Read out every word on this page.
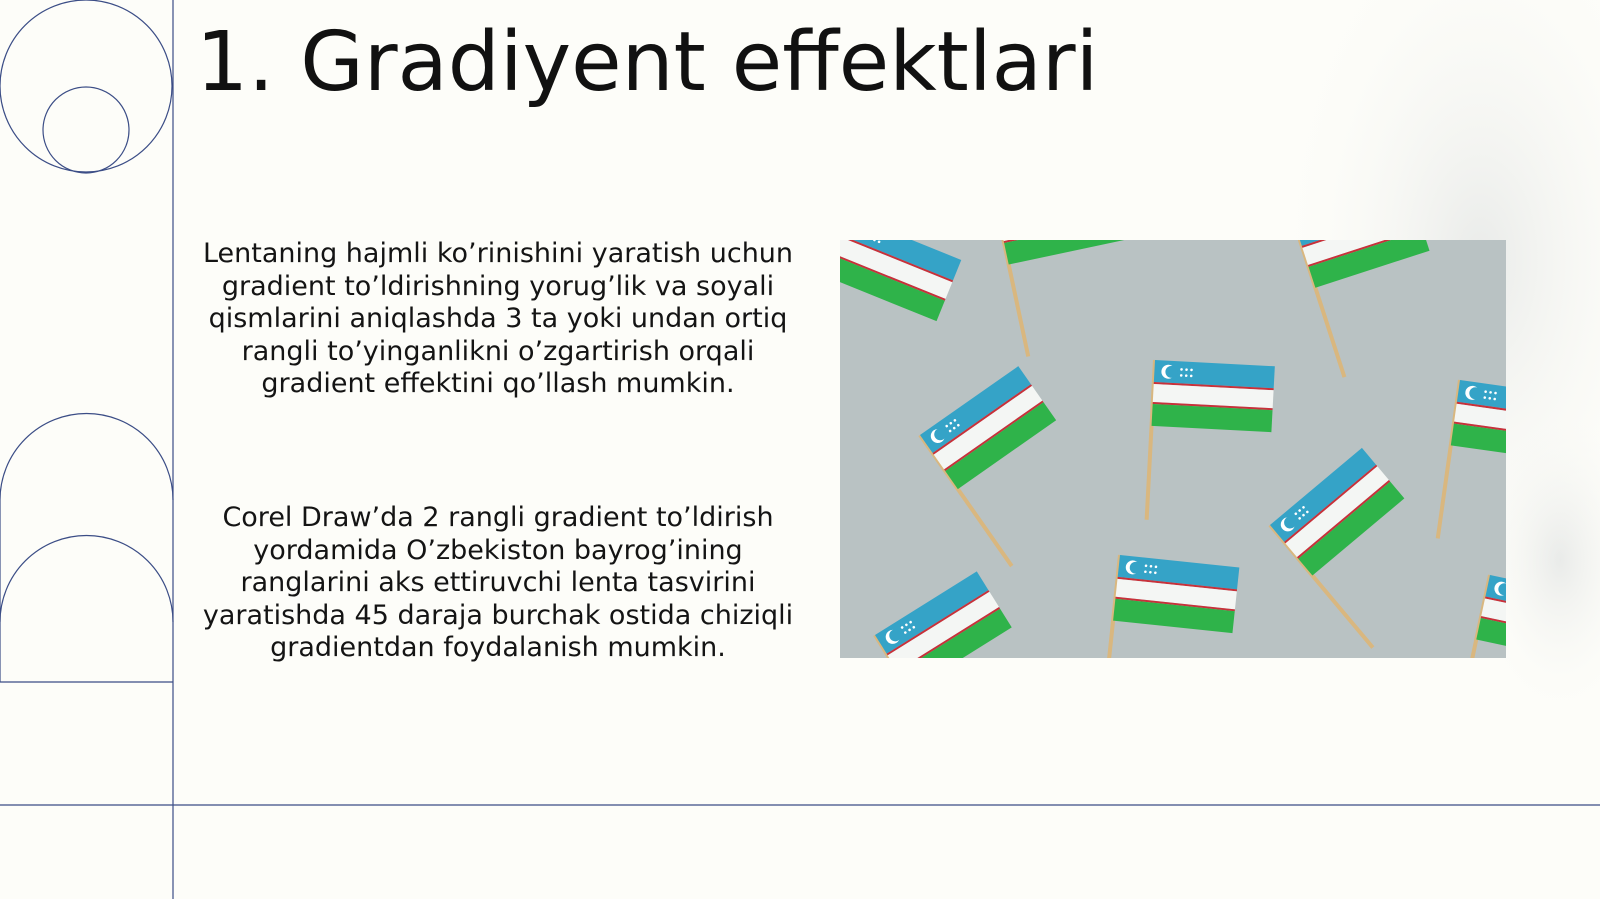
1. Gradiyent effektlari

Lentaning hajmli ko’rinishini yaratish uchun gradient to’ldirishning yorug’lik va soyali qismlarini aniqlashda 3 ta yoki undan ortiq rangli to’yinganlikni o’zgartirish orqali gradient effektini qo’llash mumkin.

Corel Draw’da 2 rangli gradient to’ldirish yordamida O’zbekiston bayrog’ining ranglarini aks ettiruvchi lenta tasvirini yaratishda 45 daraja burchak ostida chiziqli gradientdan foydalanish mumkin.
